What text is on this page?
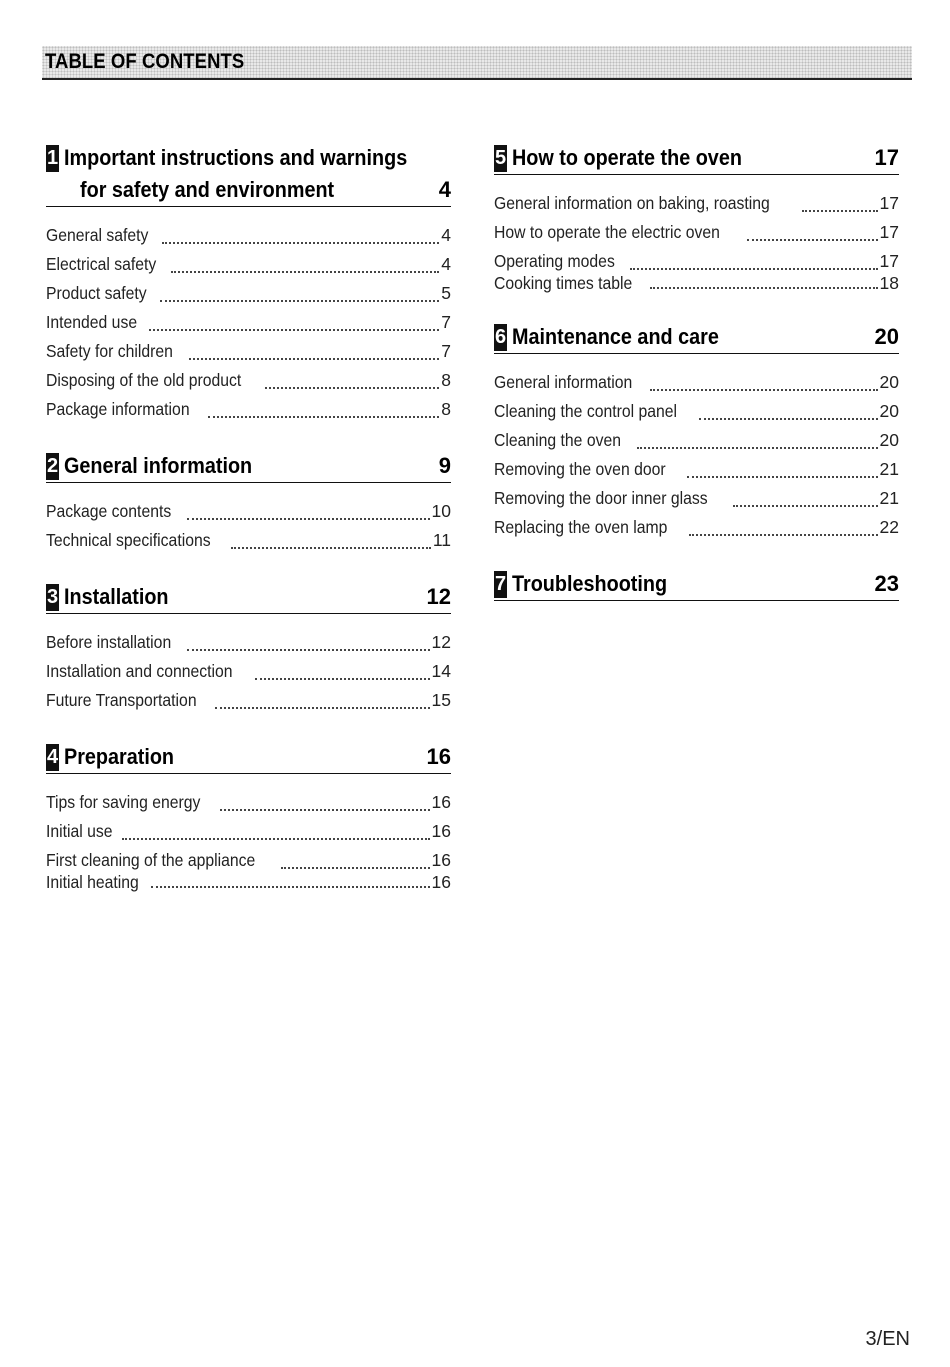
TABLE OF CONTENTS
1 Important instructions and warnings
for safety and environment	4
General safety	4
Electrical safety	4
Product safety	5
Intended use	7
Safety for children	7
Disposing of the old product	8
Package information	8
2 General information	9
Package contents	10
Technical specifications	11
3 Installation	12
Before installation	12
Installation and connection	14
Future Transportation	15
4 Preparation	16
Tips for saving energy	16
Initial use	16
First cleaning of the appliance	16
Initial heating	16
5 How to operate the oven	17
General information on baking, roasting	17
How to operate the electric oven	17
Operating modes	17
Cooking times table	18
6 Maintenance and care	20
General information	20
Cleaning the control panel	20
Cleaning the oven	20
Removing the oven door	21
Removing the door inner glass	21
Replacing the oven lamp	22
7 Troubleshooting	23
3/EN
